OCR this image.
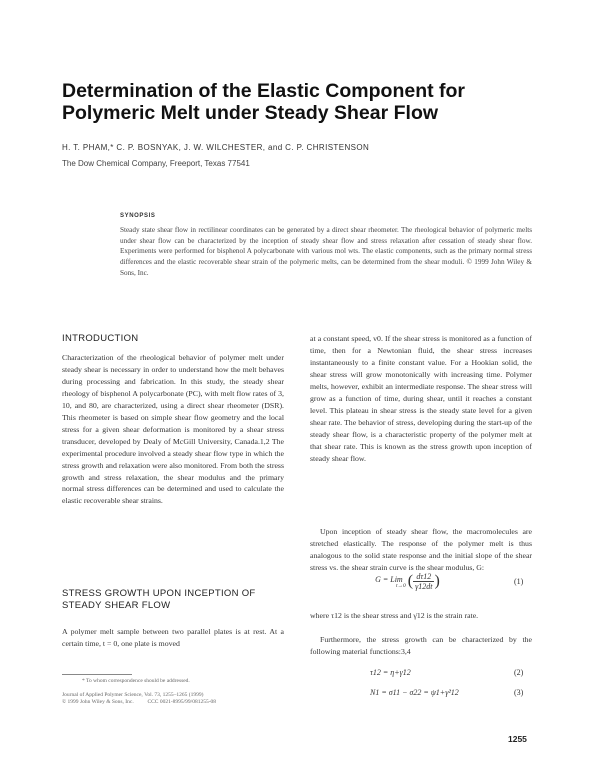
Determination of the Elastic Component for Polymeric Melt under Steady Shear Flow
H. T. PHAM,* C. P. BOSNYAK, J. W. WILCHESTER, and C. P. CHRISTENSON
The Dow Chemical Company, Freeport, Texas 77541
SYNOPSIS
Steady state shear flow in rectilinear coordinates can be generated by a direct shear rheometer. The rheological behavior of polymeric melts under shear flow can be characterized by the inception of steady shear flow and stress relaxation after cessation of steady shear flow. Experiments were performed for bisphenol A polycarbonate with various mol wts. The elastic components, such as the primary normal stress differences and the elastic recoverable shear strain of the polymeric melts, can be determined from the shear moduli. © 1999 John Wiley & Sons, Inc.
INTRODUCTION
Characterization of the rheological behavior of polymer melt under steady shear is necessary in order to understand how the melt behaves during processing and fabrication. In this study, the steady shear rheology of bisphenol A polycarbonate (PC), with melt flow rates of 3, 10, and 80, are characterized, using a direct shear rheometer (DSR). This rheometer is based on simple shear flow geometry and the local stress for a given shear deformation is monitored by a shear stress transducer, developed by Dealy of McGill University, Canada.1,2 The experimental procedure involved a steady shear flow type in which the stress growth and relaxation were also monitored. From both the stress growth and stress relaxation, the shear modulus and the primary normal stress differences can be determined and used to calculate the elastic recoverable shear strains.
STRESS GROWTH UPON INCEPTION OF STEADY SHEAR FLOW
A polymer melt sample between two parallel plates is at rest. At a certain time, t = 0, one plate is moved
* To whom correspondence should be addressed.
Journal of Applied Polymer Science, Vol. 73, 1255–1265 (1999)
© 1999 John Wiley & Sons, Inc.          CCC 0021-8995/99/081255-08
at a constant speed, v0. If the shear stress is monitored as a function of time, then for a Newtonian fluid, the shear stress increases instantaneously to a finite constant value. For a Hookian solid, the shear stress will grow monotonically with increasing time. Polymer melts, however, exhibit an intermediate response. The shear stress will grow as a function of time, during shear, until it reaches a constant level. This plateau in shear stress is the steady state level for a given shear rate. The behavior of stress, developing during the start-up of the steady shear flow, is a characteristic property of the polymer melt at that shear rate. This is known as the stress growth upon inception of steady shear flow.
Upon inception of steady shear flow, the macromolecules are stretched elastically. The response of the polymer melt is thus analogous to the solid state response and the initial slope of the shear stress vs. the shear strain curve is the shear modulus, G:
G = Lim
t→0 ( $\frac{d\tau 12}{\gammȧ12dt}$ )	(1)
where τ12 is the shear stress and γ̇12 is the strain rate.
Furthermore, the stress growth can be characterized by the following material functions:3,4
τ12 = η+γ̇12	(2)
N1 = σ11 − σ22 = ψ1+γ̇²12	(3)
1255
